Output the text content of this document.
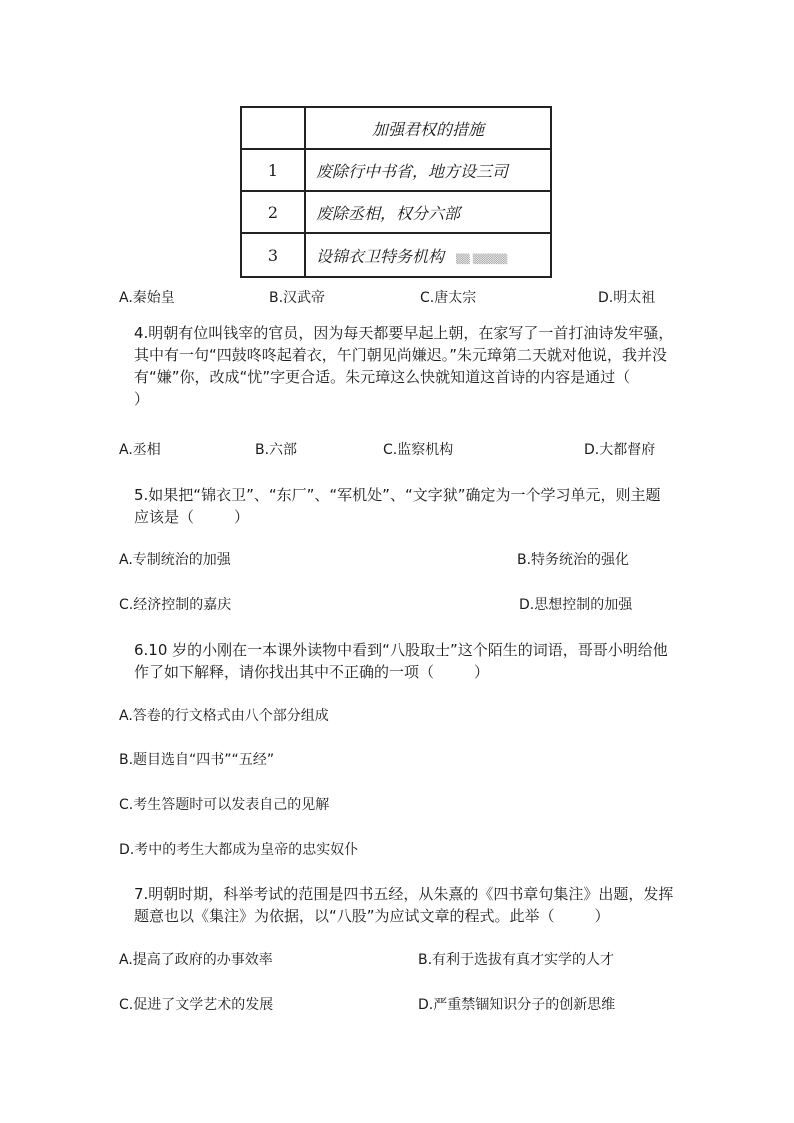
	加强君权的措施
1	废除行中书省，地方设三司
2	废除丞相，权分六部
3	设锦衣卫特务机构 ▒▒ ▒▒▒▒▒
A.秦始皇	B.汉武帝	C.唐太宗	D.明太祖
4.明朝有位叫钱宰的官员，因为每天都要早起上朝，在家写了一首打油诗发牢骚，其中有一句“四鼓咚咚起着衣，午门朝见尚嫌迟。”朱元璋第二天就对他说，我并没有“嫌”你，改成“忧”字更合适。朱元璋这么快就知道这首诗的内容是通过（）
A.丞相	B.六部	C.监察机构	D.大都督府
5.如果把“锦衣卫”、“东厂”、“军机处”、“文字狱”确定为一个学习单元，则主题应该是（	）
A.专制统治的加强	B.特务统治的强化
C.经济控制的嘉庆	D.思想控制的加强
6.10 岁的小刚在一本课外读物中看到“八股取士”这个陌生的词语，哥哥小明给他作了如下解释，请你找出其中不正确的一项（	）
A.答卷的行文格式由八个部分组成
B.题目选自“四书”“五经”
C.考生答题时可以发表自己的见解
D.考中的考生大都成为皇帝的忠实奴仆
7.明朝时期，科举考试的范围是四书五经，从朱熹的《四书章句集注》出题，发挥题意也以《集注》为依据，以“八股”为应试文章的程式。此举（	）
A.提高了政府的办事效率	B.有利于选拔有真才实学的人才
C.促进了文学艺术的发展	D.严重禁锢知识分子的创新思维
